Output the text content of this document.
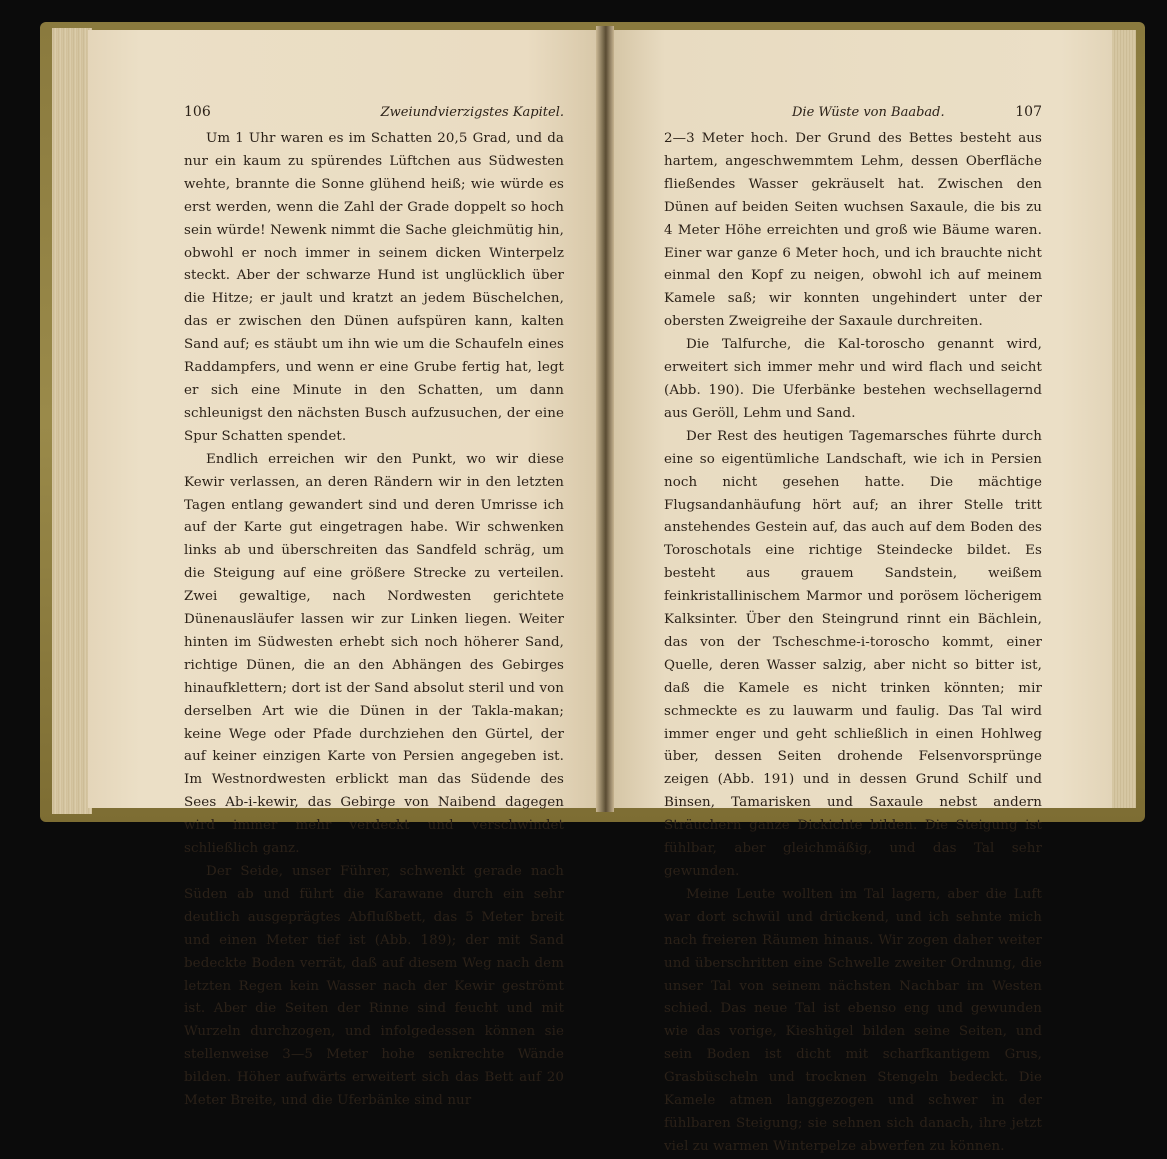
106	Zweiundvierzigstes Kapitel.

Um 1 Uhr waren es im Schatten 20,5 Grad, und da nur ein kaum zu spürendes Lüftchen aus Südwesten wehte, brannte die Sonne glühend heiß; wie würde es erst werden, wenn die Zahl der Grade doppelt so hoch sein würde! Newenk nimmt die Sache gleichmütig hin, obwohl er noch immer in seinem dicken Winterpelz steckt. Aber der schwarze Hund ist unglücklich über die Hitze; er jault und kratzt an jedem Büschelchen, das er zwischen den Dünen aufspüren kann, kalten Sand auf; es stäubt um ihn wie um die Schaufeln eines Raddampfers, und wenn er eine Grube fertig hat, legt er sich eine Minute in den Schatten, um dann schleunigst den nächsten Busch aufzusuchen, der eine Spur Schatten spendet.

Endlich erreichen wir den Punkt, wo wir diese Kewir verlassen, an deren Rändern wir in den letzten Tagen entlang gewandert sind und deren Umrisse ich auf der Karte gut eingetragen habe. Wir schwenken links ab und überschreiten das Sandfeld schräg, um die Steigung auf eine größere Strecke zu verteilen. Zwei gewaltige, nach Nordwesten gerichtete Dünenausläufer lassen wir zur Linken liegen. Weiter hinten im Südwesten erhebt sich noch höherer Sand, richtige Dünen, die an den Abhängen des Gebirges hinaufklettern; dort ist der Sand absolut steril und von derselben Art wie die Dünen in der Takla-makan; keine Wege oder Pfade durchziehen den Gürtel, der auf keiner einzigen Karte von Persien angegeben ist. Im Westnordwesten erblickt man das Südende des Sees Ab-i-kewir, das Gebirge von Naibend dagegen wird immer mehr verdeckt und verschwindet schließlich ganz.

Der Seide, unser Führer, schwenkt gerade nach Süden ab und führt die Karawane durch ein sehr deutlich ausgeprägtes Abflußbett, das 5 Meter breit und einen Meter tief ist (Abb. 189); der mit Sand bedeckte Boden verrät, daß auf diesem Weg nach dem letzten Regen kein Wasser nach der Kewir geströmt ist. Aber die Seiten der Rinne sind feucht und mit Wurzeln durchzogen, und infolgedessen können sie stellenweise 3—5 Meter hohe senkrechte Wände bilden. Höher aufwärts erweitert sich das Bett auf 20 Meter Breite, und die Uferbänke sind nur

Die Wüste von Baabad.	107

2—3 Meter hoch. Der Grund des Bettes besteht aus hartem, angeschwemmtem Lehm, dessen Oberfläche fließendes Wasser gekräuselt hat. Zwischen den Dünen auf beiden Seiten wuchsen Saxaule, die bis zu 4 Meter Höhe erreichten und groß wie Bäume waren. Einer war ganze 6 Meter hoch, und ich brauchte nicht einmal den Kopf zu neigen, obwohl ich auf meinem Kamele saß; wir konnten ungehindert unter der obersten Zweigreihe der Saxaule durchreiten.

Die Talfurche, die Kal-toroscho genannt wird, erweitert sich immer mehr und wird flach und seicht (Abb. 190). Die Uferbänke bestehen wechsellagernd aus Geröll, Lehm und Sand.

Der Rest des heutigen Tagemarsches führte durch eine so eigentümliche Landschaft, wie ich in Persien noch nicht gesehen hatte. Die mächtige Flugsandanhäufung hört auf; an ihrer Stelle tritt anstehendes Gestein auf, das auch auf dem Boden des Toroschotals eine richtige Steindecke bildet. Es besteht aus grauem Sandstein, weißem feinkristallinischem Marmor und porösem löcherigem Kalksinter. Über den Steingrund rinnt ein Bächlein, das von der Tscheschme-i-toroscho kommt, einer Quelle, deren Wasser salzig, aber nicht so bitter ist, daß die Kamele es nicht trinken könnten; mir schmeckte es zu lauwarm und faulig. Das Tal wird immer enger und geht schließlich in einen Hohlweg über, dessen Seiten drohende Felsenvorsprünge zeigen (Abb. 191) und in dessen Grund Schilf und Binsen, Tamarisken und Saxaule nebst andern Sträuchern ganze Dickichte bilden. Die Steigung ist fühlbar, aber gleichmäßig, und das Tal sehr gewunden.

Meine Leute wollten im Tal lagern, aber die Luft war dort schwül und drückend, und ich sehnte mich nach freieren Räumen hinaus. Wir zogen daher weiter und überschritten eine Schwelle zweiter Ordnung, die unser Tal von seinem nächsten Nachbar im Westen schied. Das neue Tal ist ebenso eng und gewunden wie das vorige, Kieshügel bilden seine Seiten, und sein Boden ist dicht mit scharfkantigem Grus, Grasbüscheln und trocknen Stengeln bedeckt. Die Kamele atmen langgezogen und schwer in der fühlbaren Steigung; sie sehnen sich danach, ihre jetzt viel zu warmen Winterpelze abwerfen zu können.
